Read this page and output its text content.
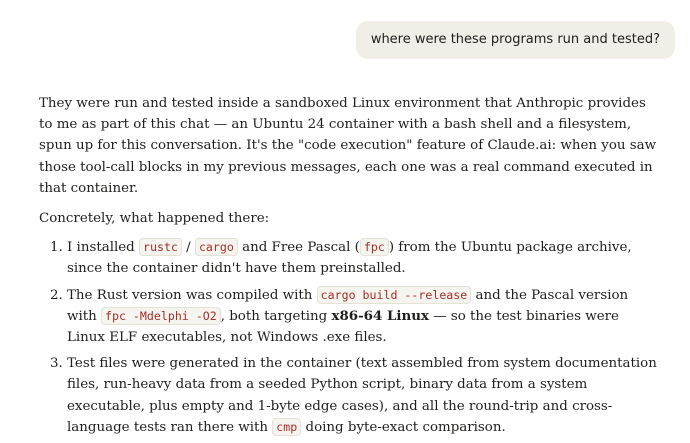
where were these programs run and tested?

They were run and tested inside a sandboxed Linux environment that Anthropic provides to me as part of this chat — an Ubuntu 24 container with a bash shell and a filesystem, spun up for this conversation. It's the "code execution" feature of Claude.ai: when you saw those tool-call blocks in my previous messages, each one was a real command executed in that container.

Concretely, what happened there:

1. I installed rustc / cargo and Free Pascal ( fpc ) from the Ubuntu package archive, since the container didn't have them preinstalled.
2. The Rust version was compiled with cargo build --release and the Pascal version with fpc -Mdelphi -O2 , both targeting x86-64 Linux — so the test binaries were Linux ELF executables, not Windows .exe files.
3. Test files were generated in the container (text assembled from system documentation files, run-heavy data from a seeded Python script, binary data from a system executable, plus empty and 1-byte edge cases), and all the round-trip and cross-language tests ran there with cmp doing byte-exact comparison.
